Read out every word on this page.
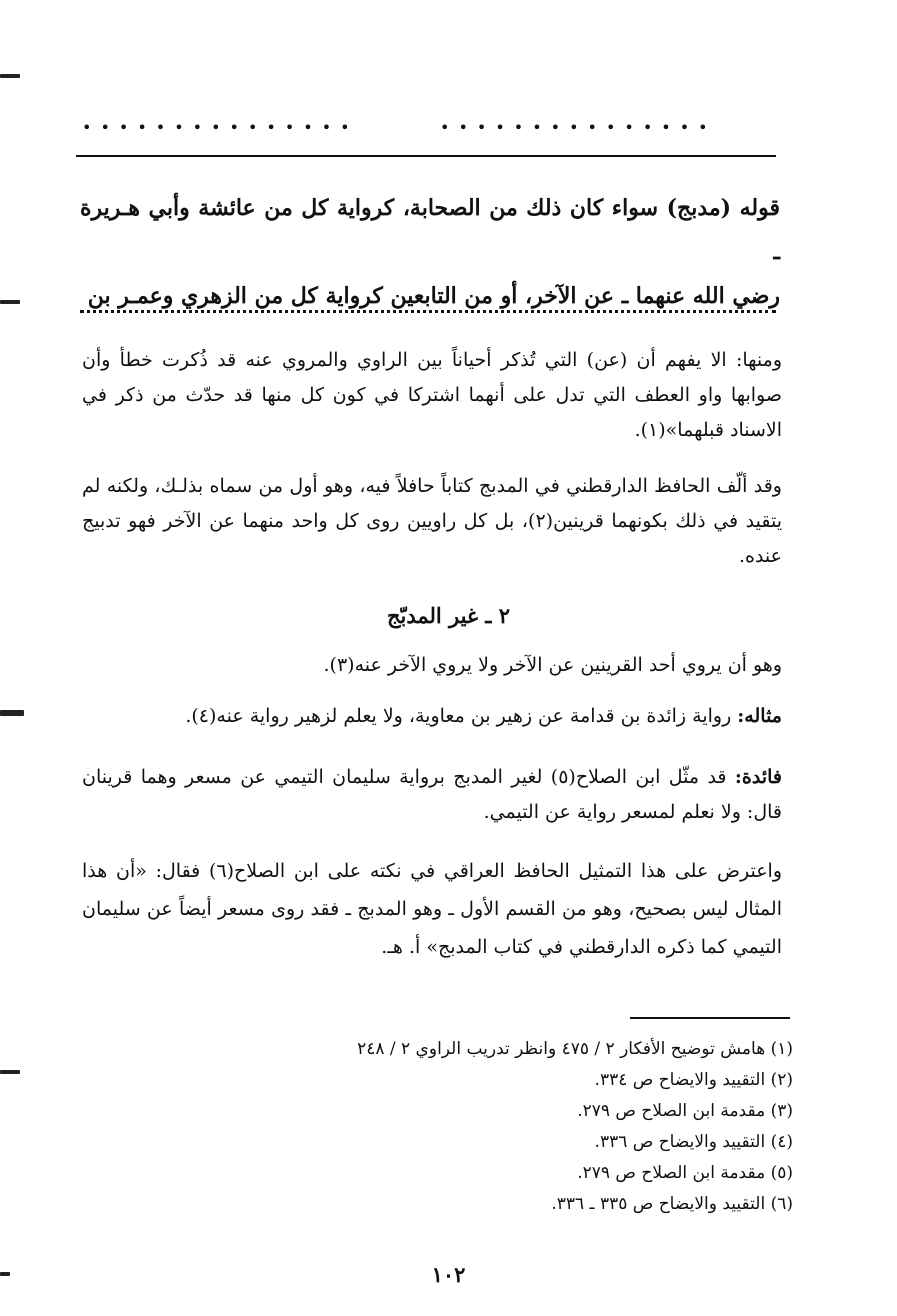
•••••••••••••••	•••••••••••••••
قوله (مدبج) سواء كان ذلك من الصحابة، كرواية كل من عائشة وأبي هـريرة ـ
رضي الله عنهما ـ عن الآخر، أو من التابعين كرواية كل من الزهري وعمـر بن
ومنها: الا يفهم أن (عن) التي تُذكر أحياناً بين الراوي والمروي عنه قد ذُكرت خطأ وأن صوابها واو العطف التي تدل على أنهما اشتركا في كون كل منها قد حدّث من ذكر في الاسناد قبلهما»(١).
وقد ألّف الحافظ الدارقطني في المدبج كتاباً حافلاً فيه، وهو أول من سماه بذلـك، ولكنه لم يتقيد في ذلك بكونهما قرينين(٢)، بل كل راويين روى كل واحد منهما عن الآخر فهو تدبيج عنده.
٢ ـ غير المدبّج
وهو أن يروي أحد القرينين عن الآخر ولا يروي الآخر عنه(٣).
مثاله: رواية زائدة بن قدامة عن زهير بن معاوية، ولا يعلم لزهير رواية عنه(٤).
فائدة: قد مثّل ابن الصلاح(٥) لغير المدبج برواية سليمان التيمي عن مسعر وهما قرينان قال: ولا نعلم لمسعر رواية عن التيمي.
واعترض على هذا التمثيل الحافظ العراقي في نكته على ابن الصلاح(٦) فقال: «أن هذا المثال ليس بصحيح، وهو من القسم الأول ـ وهو المدبج ـ فقد روى مسعر أيضاً عن سليمان التيمي كما ذكره الدارقطني في كتاب المدبج» أ. هـ.
(١) هامش توضيح الأفكار ٢ / ٤٧٥ وانظر تدريب الراوي ٢ / ٢٤٨
(٢) التقييد والايضاح ص ٣٣٤.
(٣) مقدمة ابن الصلاح ص ٢٧٩.
(٤) التقييد والايضاح ص ٣٣٦.
(٥) مقدمة ابن الصلاح ص ٢٧٩.
(٦) التقييد والايضاح ص ٣٣٥ ـ ٣٣٦.
١٠٢
